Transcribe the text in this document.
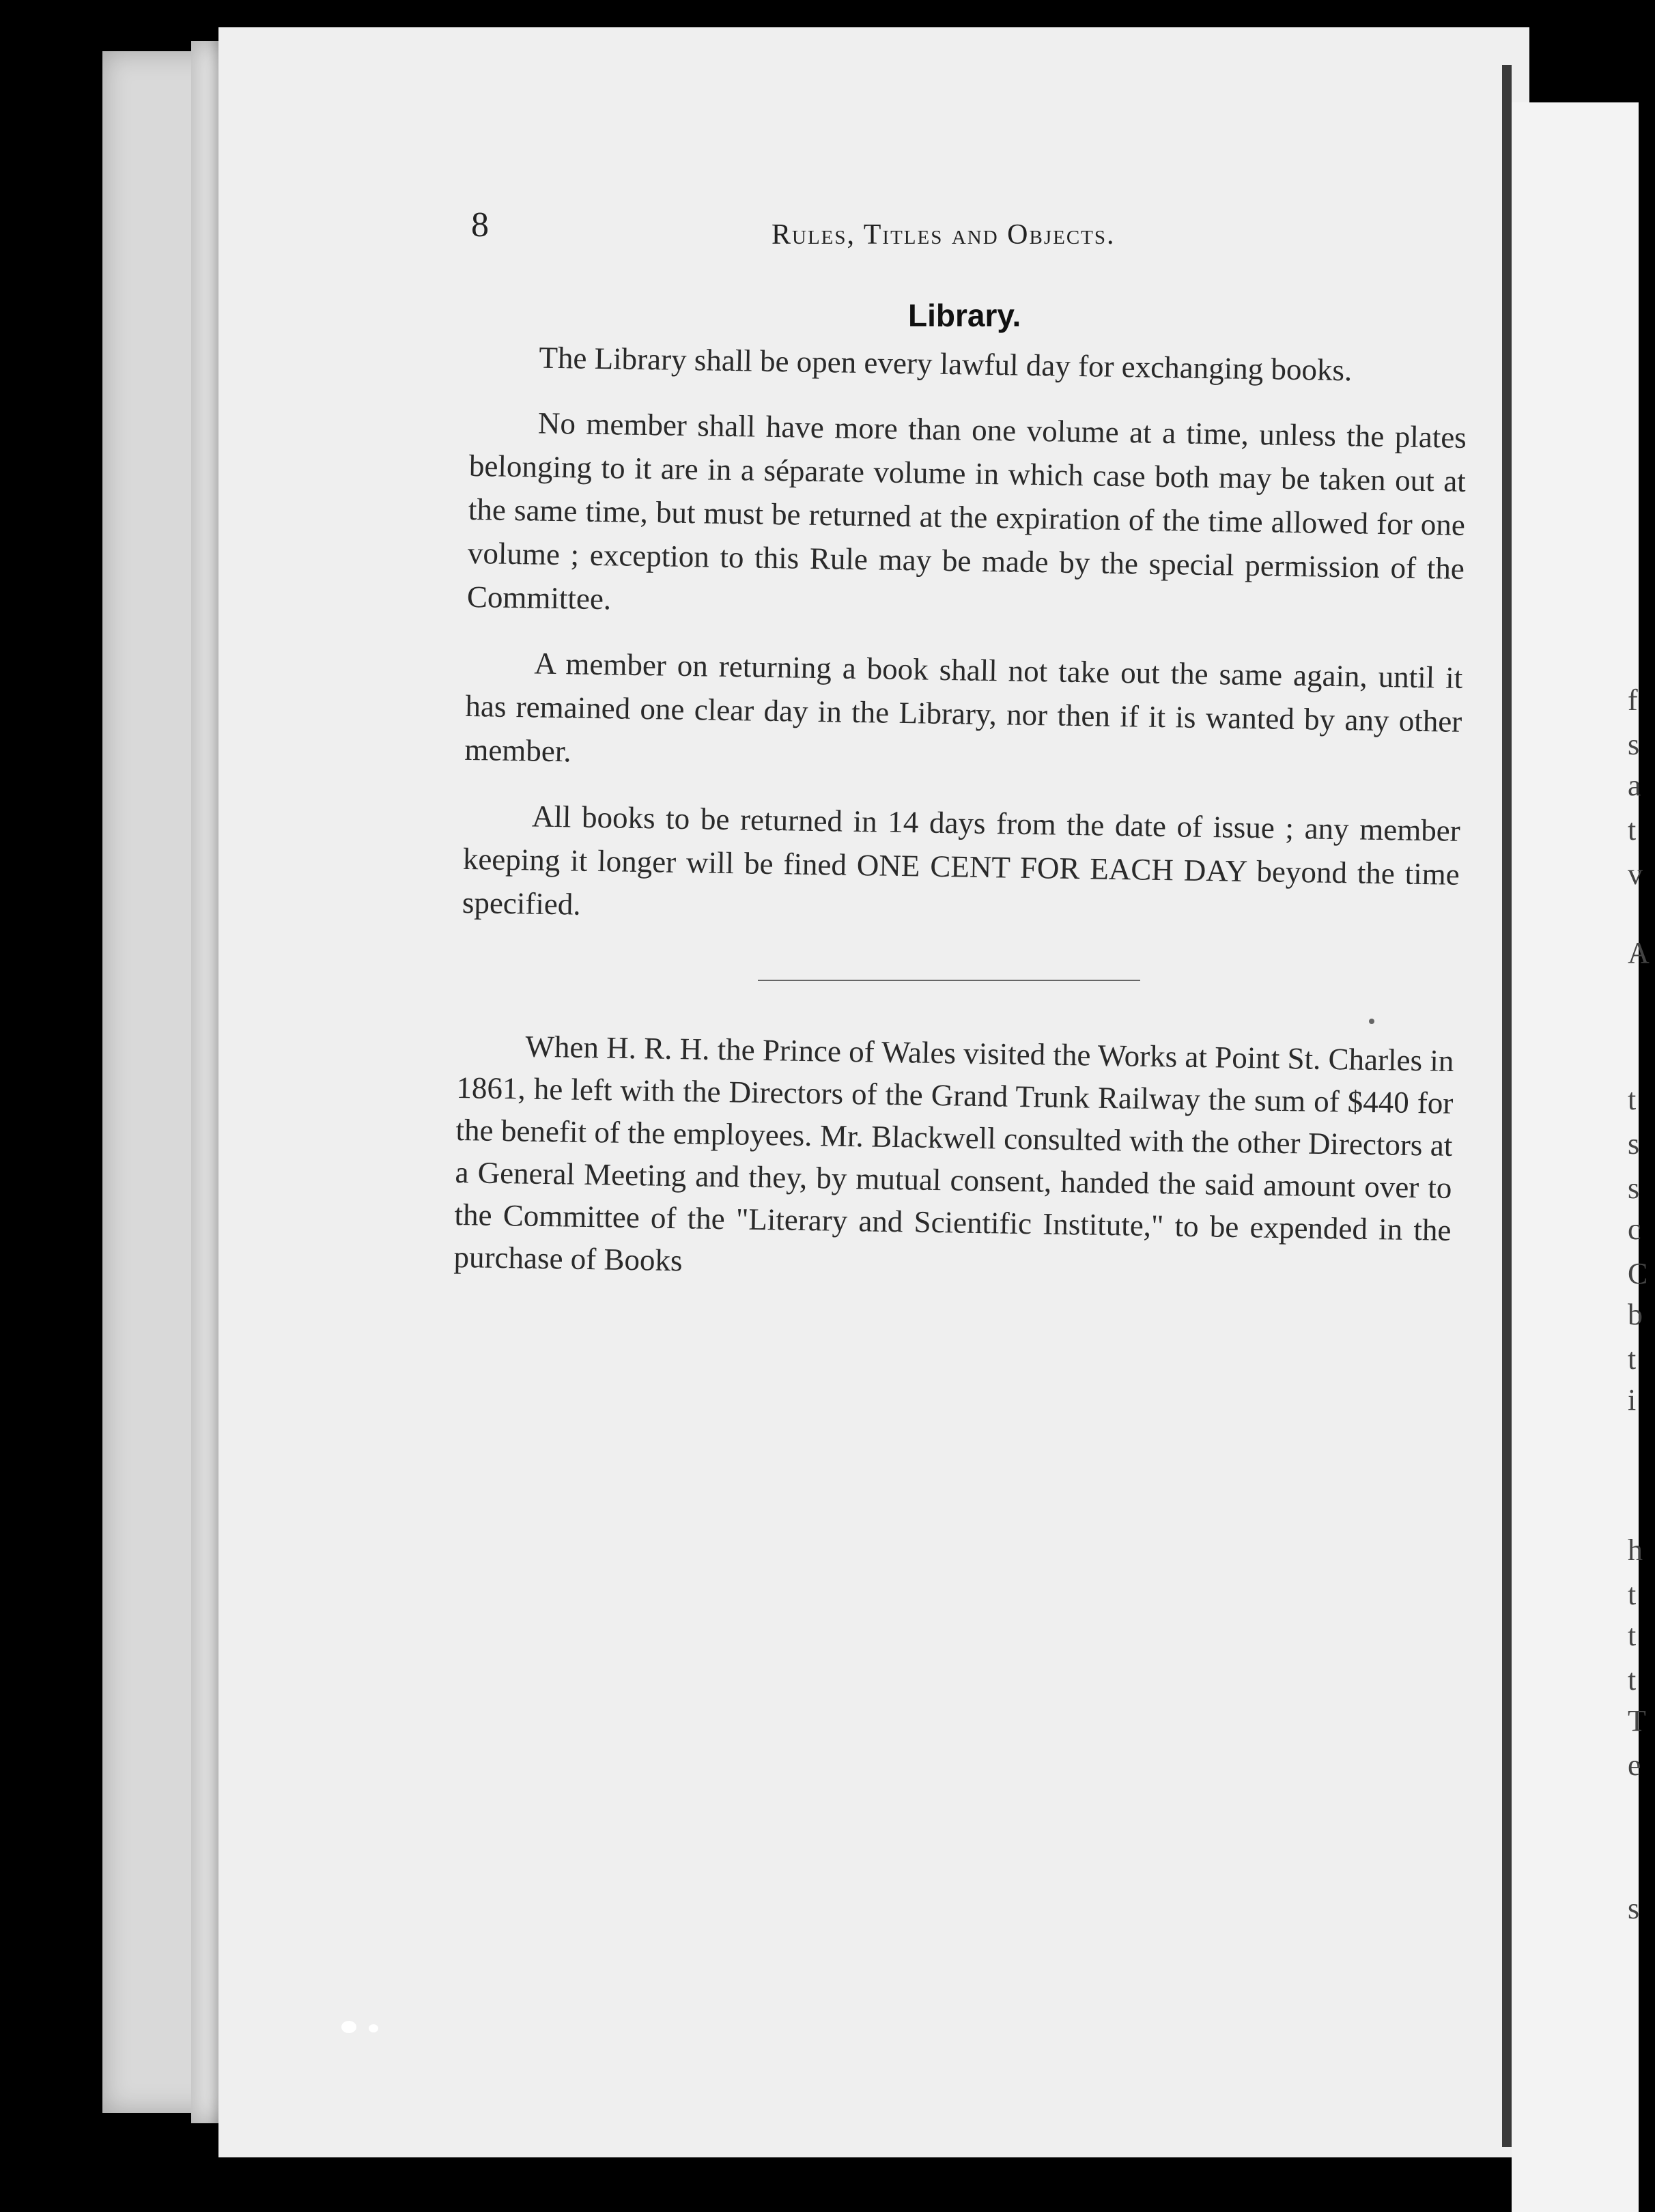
f
s
a
t
v
A
t
s
s
c
C
b
t
i
h
t
t
t
T
e
s
8	Rules, Titles and Objects.
Library.

The Library shall be open every lawful day for exchanging books.

No member shall have more than one volume at a time, unless the plates belonging to it are in a séparate volume in which case both may be taken out at the same time, but must be returned at the expiration of the time allowed for one volume ; exception to this Rule may be made by the special permission of the Committee.

A member on returning a book shall not take out the same again, until it has remained one clear day in the Library, nor then if it is wanted by any other member.

All books to be returned in 14 days from the date of issue ; any member keeping it longer will be fined ONE CENT FOR EACH DAY beyond the time specified.

When H. R. H. the Prince of Wales visited the Works at Point St. Charles in 1861, he left with the Directors of the Grand Trunk Railway the sum of $440 for the benefit of the employees. Mr. Blackwell consulted with the other Directors at a General Meeting and they, by mutual consent, handed the said amount over to the Committee of the "Literary and Scientific Institute," to be expended in the purchase of Books
